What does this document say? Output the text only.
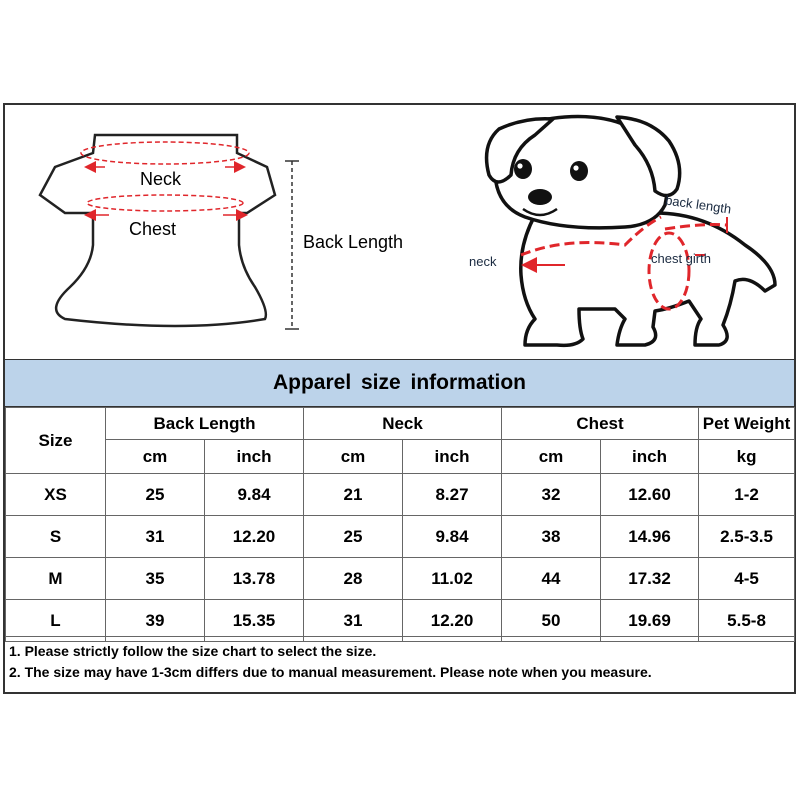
Neck
Chest
Back Length
neck	chest girth
back length
Apparel size information
Size	Back Length		Neck		Chest		Pet Weight
	cm	inch	cm	inch	cm	inch	kg
XS	25	9.84	21	8.27	32	12.60	1-2
S	31	12.20	25	9.84	38	14.96	2.5-3.5
M	35	13.78	28	11.02	44	17.32	4-5
L	39	15.35	31	12.20	50	19.69	5.5-8
1. Please strictly follow the size chart to select the size.
2. The size may have 1-3cm differs due to manual measurement. Please note when you measure.
